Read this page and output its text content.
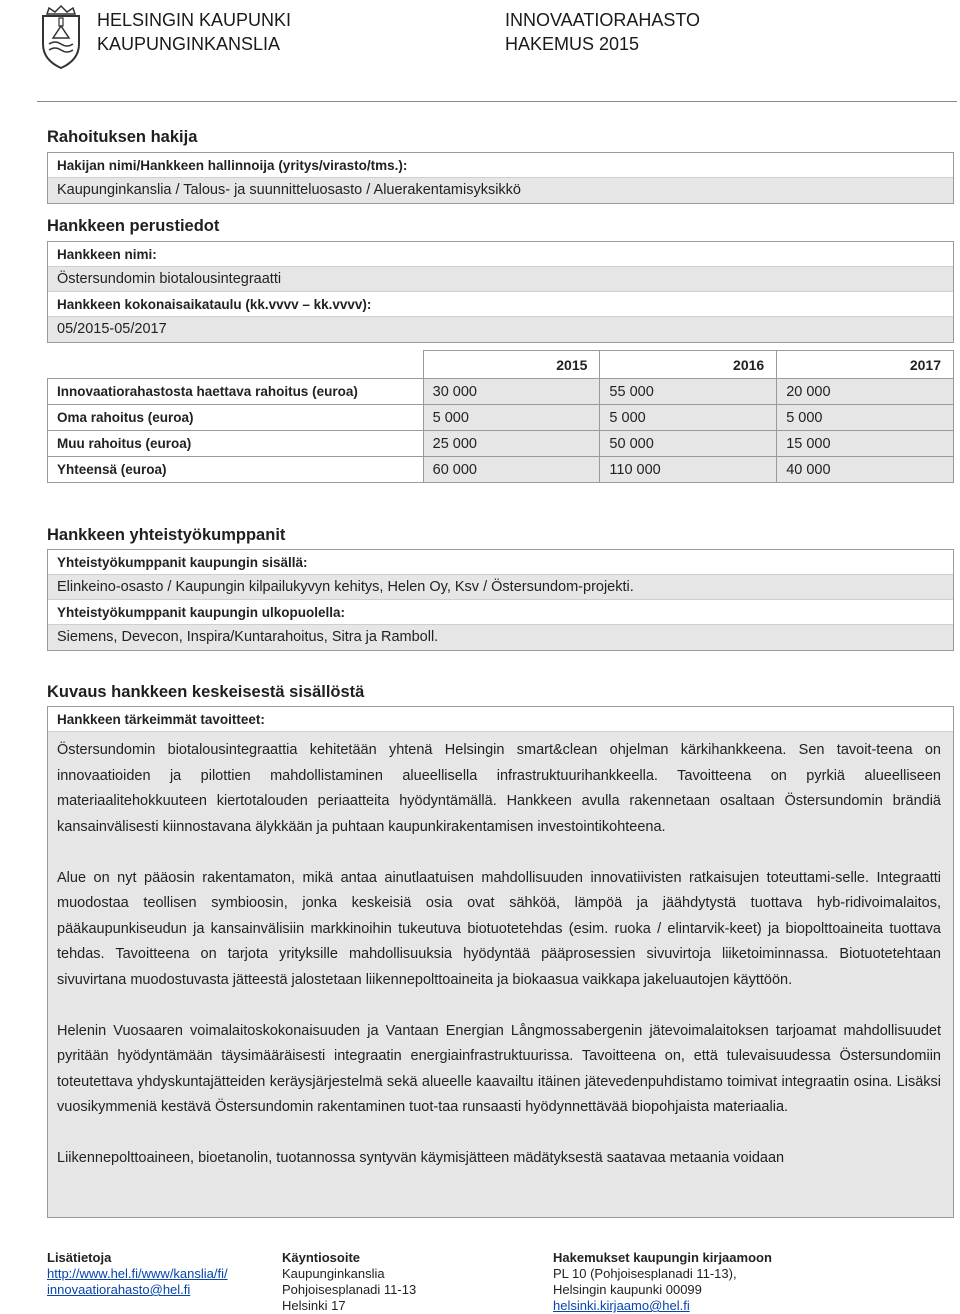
HELSINGIN KAUPUNKI
KAUPUNGINKANSLIA
INNOVAATIORAHASTO
HAKEMUS 2015
Rahoituksen hakija
Hakijan nimi/Hankkeen hallinnoija (yritys/virasto/tms.):
Kaupunginkanslia / Talous- ja suunnitteluosasto / Aluerakentamisyksikkö
Hankkeen perustiedot
Hankkeen nimi:
Östersundomin biotalousintegraatti
Hankkeen kokonaisaikataulu (kk.vvvv – kk.vvvv):
05/2015-05/2017
	2015	2016	2017
Innovaatiorahastosta haettava rahoitus (euroa)	30 000	55 000	20 000
Oma rahoitus (euroa)	5 000	5 000	5 000
Muu rahoitus (euroa)	25 000	50 000	15 000
Yhteensä (euroa)	60 000	110 000	40 000
Hankkeen yhteistyökumppanit
Yhteistyökumppanit kaupungin sisällä:
Elinkeino-osasto / Kaupungin kilpailukyvyn kehitys, Helen Oy, Ksv / Östersundom-projekti.
Yhteistyökumppanit kaupungin ulkopuolella:
Siemens, Devecon, Inspira/Kuntarahoitus, Sitra ja Ramboll.
Kuvaus hankkeen keskeisestä sisällöstä
Hankkeen tärkeimmät tavoitteet:

Östersundomin biotalousintegraattia kehitetään yhtenä Helsingin smart&clean ohjelman kärkihankkeena. Sen tavoit-teena on innovaatioiden ja pilottien mahdollistaminen alueellisella infrastruktuurihankkeella. Tavoitteena on pyrkiä alueelliseen materiaalitehokkuuteen kiertotalouden periaatteita hyödyntämällä. Hankkeen avulla rakennetaan osaltaan Östersundomin brändiä kansainvälisesti kiinnostavana älykkään ja puhtaan kaupunkirakentamisen investointikohteena.

Alue on nyt pääosin rakentamaton, mikä antaa ainutlaatuisen mahdollisuuden innovatiivisten ratkaisujen toteuttami-selle. Integraatti muodostaa teollisen symbioosin, jonka keskeisiä osia ovat sähköä, lämpöä ja jäähdytystä tuottava hyb-ridivoimalaitos, pääkaupunkiseudun ja kansainvälisiin markkinoihin tukeutuva biotuotetehdas (esim. ruoka / elintarvik-keet) ja biopolttoaineita tuottava tehdas. Tavoitteena on tarjota yrityksille mahdollisuuksia hyödyntää pääprosessien sivuvirtoja liiketoiminnassa. Biotuotetehtaan sivuvirtana muodostuvasta jätteestä jalostetaan liikennepolttoaineita ja biokaasua vaikkapa jakeluautojen käyttöön.

Helenin Vuosaaren voimalaitoskokonaisuuden ja Vantaan Energian Långmossabergenin jätevoimalaitoksen tarjoamat mahdollisuudet pyritään hyödyntämään täysimääräisesti integraatin energiainfrastruktuurissa. Tavoitteena on, että tulevaisuudessa Östersundomiin toteutettava yhdyskuntajätteiden keräysjärjestelmä sekä alueelle kaavailtu itäinen jätevedenpuhdistamo toimivat integraatin osina. Lisäksi vuosikymmeniä kestävä Östersundomin rakentaminen tuot-taa runsaasti hyödynnettävää biopohjaista materiaalia.

Liikennepolttoaineen, bioetanolin, tuotannossa syntyvän käymisjätteen mädätyksestä saatavaa metaania voidaan

Lisätietoja
http://www.hel.fi/www/kanslia/fi/
innovaatiorahasto@hel.fi
Käyntiosoite
Kaupunginkanslia
Pohjoisesplanadi 11-13
Helsinki 17
Hakemukset kaupungin kirjaamoon
PL 10 (Pohjoisesplanadi 11-13),
Helsingin kaupunki 00099
helsinki.kirjaamo@hel.fi
